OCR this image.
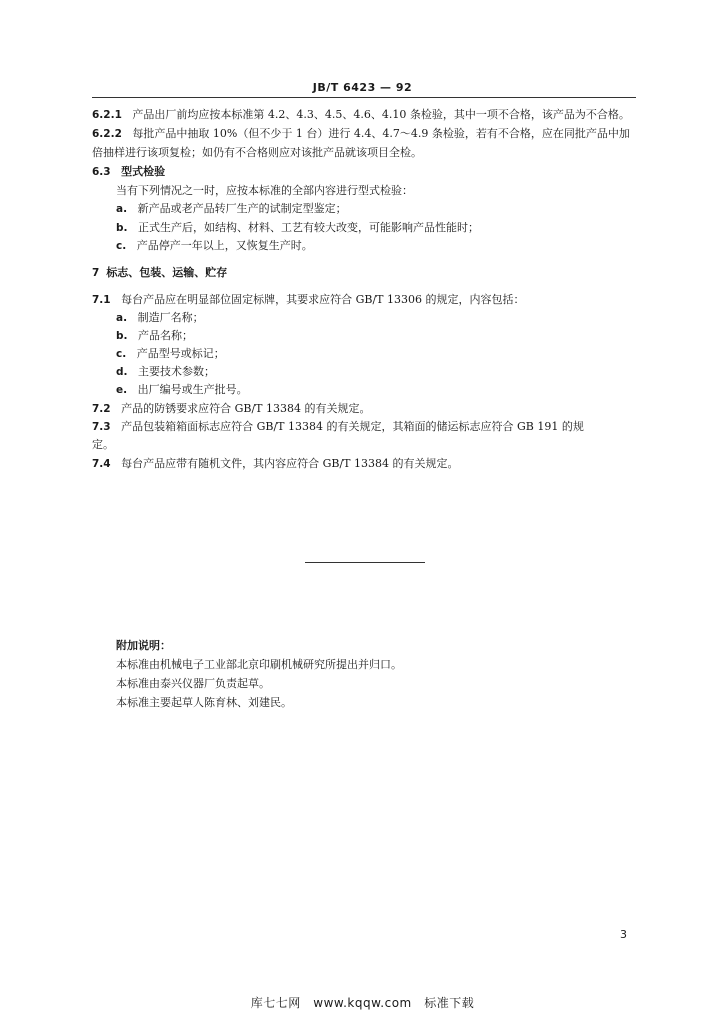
JB/T 6423 — 92
6.2.1 产品出厂前均应按本标准第 4.2、4.3、4.5、4.6、4.10 条检验，其中一项不合格，该产品为不合格。
6.2.2 每批产品中抽取 10%（但不少于 1 台）进行 4.4、4.7～4.9 条检验，若有不合格，应在同批产品中加
倍抽样进行该项复检；如仍有不合格则应对该批产品就该项目全检。
6.3 型式检验
当有下列情况之一时，应按本标准的全部内容进行型式检验：
a. 新产品或老产品转厂生产的试制定型鉴定；
b. 正式生产后，如结构、材料、工艺有较大改变，可能影响产品性能时；
c. 产品停产一年以上，又恢复生产时。
7 标志、包装、运输、贮存
7.1 每台产品应在明显部位固定标牌，其要求应符合 GB/T 13306 的规定，内容包括：
a. 制造厂名称；
b. 产品名称；
c. 产品型号或标记；
d. 主要技术参数；
e. 出厂编号或生产批号。
7.2 产品的防锈要求应符合 GB/T 13384 的有关规定。
7.3 产品包装箱箱面标志应符合 GB/T 13384 的有关规定，其箱面的储运标志应符合 GB 191 的规
定。
7.4 每台产品应带有随机文件，其内容应符合 GB/T 13384 的有关规定。
附加说明：
本标准由机械电子工业部北京印刷机械研究所提出并归口。
本标准由泰兴仪器厂负责起草。
本标准主要起草人陈育林、刘建民。
3
库七七网　www.kqqw.com　标准下载
